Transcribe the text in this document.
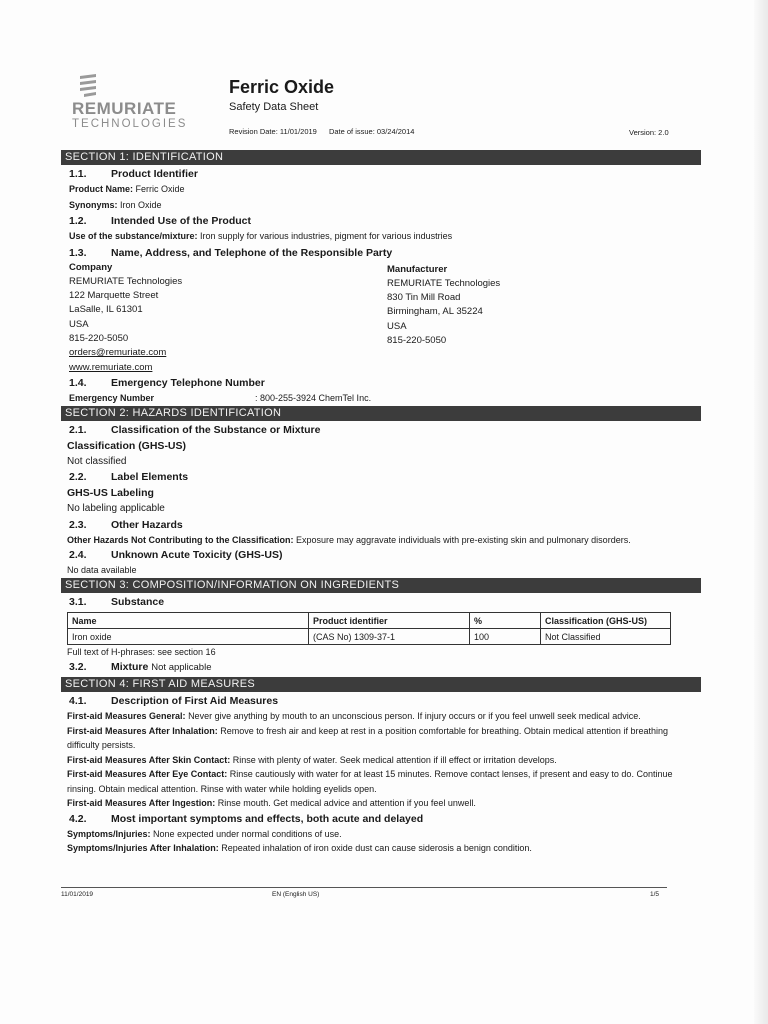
REMURIATE
TECHNOLOGIES
Ferric Oxide
Safety Data Sheet
Revision Date: 11/01/2019 Date of issue: 03/24/2014	Version: 2.0
SECTION 1: IDENTIFICATION
1.1. Product Identifier
Product Name: Ferric Oxide
Synonyms: Iron Oxide
1.2. Intended Use of the Product
Use of the substance/mixture: Iron supply for various industries, pigment for various industries
1.3. Name, Address, and Telephone of the Responsible Party
Company
REMURIATE Technologies
122 Marquette Street
LaSalle, IL 61301
USA
815-220-5050
orders@remuriate.com
www.remuriate.com
Manufacturer
REMURIATE Technologies
830 Tin Mill Road
Birmingham, AL 35224
USA
815-220-5050
1.4. Emergency Telephone Number
Emergency Number	: 800-255-3924 ChemTel Inc.
SECTION 2: HAZARDS IDENTIFICATION
2.1. Classification of the Substance or Mixture
Classification (GHS-US)
Not classified
2.2. Label Elements
GHS-US Labeling
No labeling applicable
2.3. Other Hazards
Other Hazards Not Contributing to the Classification: Exposure may aggravate individuals with pre-existing skin and pulmonary disorders.
2.4. Unknown Acute Toxicity (GHS-US)
No data available
SECTION 3: COMPOSITION/INFORMATION ON INGREDIENTS
3.1. Substance
Name	Product identifier	%	Classification (GHS-US)
Iron oxide	(CAS No) 1309-37-1	100	Not Classified
Full text of H-phrases: see section 16
3.2. Mixture Not applicable
SECTION 4: FIRST AID MEASURES
4.1. Description of First Aid Measures
First-aid Measures General: Never give anything by mouth to an unconscious person. If injury occurs or if you feel unwell seek medical advice.
First-aid Measures After Inhalation: Remove to fresh air and keep at rest in a position comfortable for breathing. Obtain medical attention if breathing difficulty persists.
First-aid Measures After Skin Contact: Rinse with plenty of water. Seek medical attention if ill effect or irritation develops.
First-aid Measures After Eye Contact: Rinse cautiously with water for at least 15 minutes. Remove contact lenses, if present and easy to do. Continue rinsing. Obtain medical attention. Rinse with water while holding eyelids open.
First-aid Measures After Ingestion: Rinse mouth. Get medical advice and attention if you feel unwell.
4.2. Most important symptoms and effects, both acute and delayed
Symptoms/Injuries: None expected under normal conditions of use.
Symptoms/Injuries After Inhalation: Repeated inhalation of iron oxide dust can cause siderosis a benign condition.
11/01/2019	EN (English US)	1/5
